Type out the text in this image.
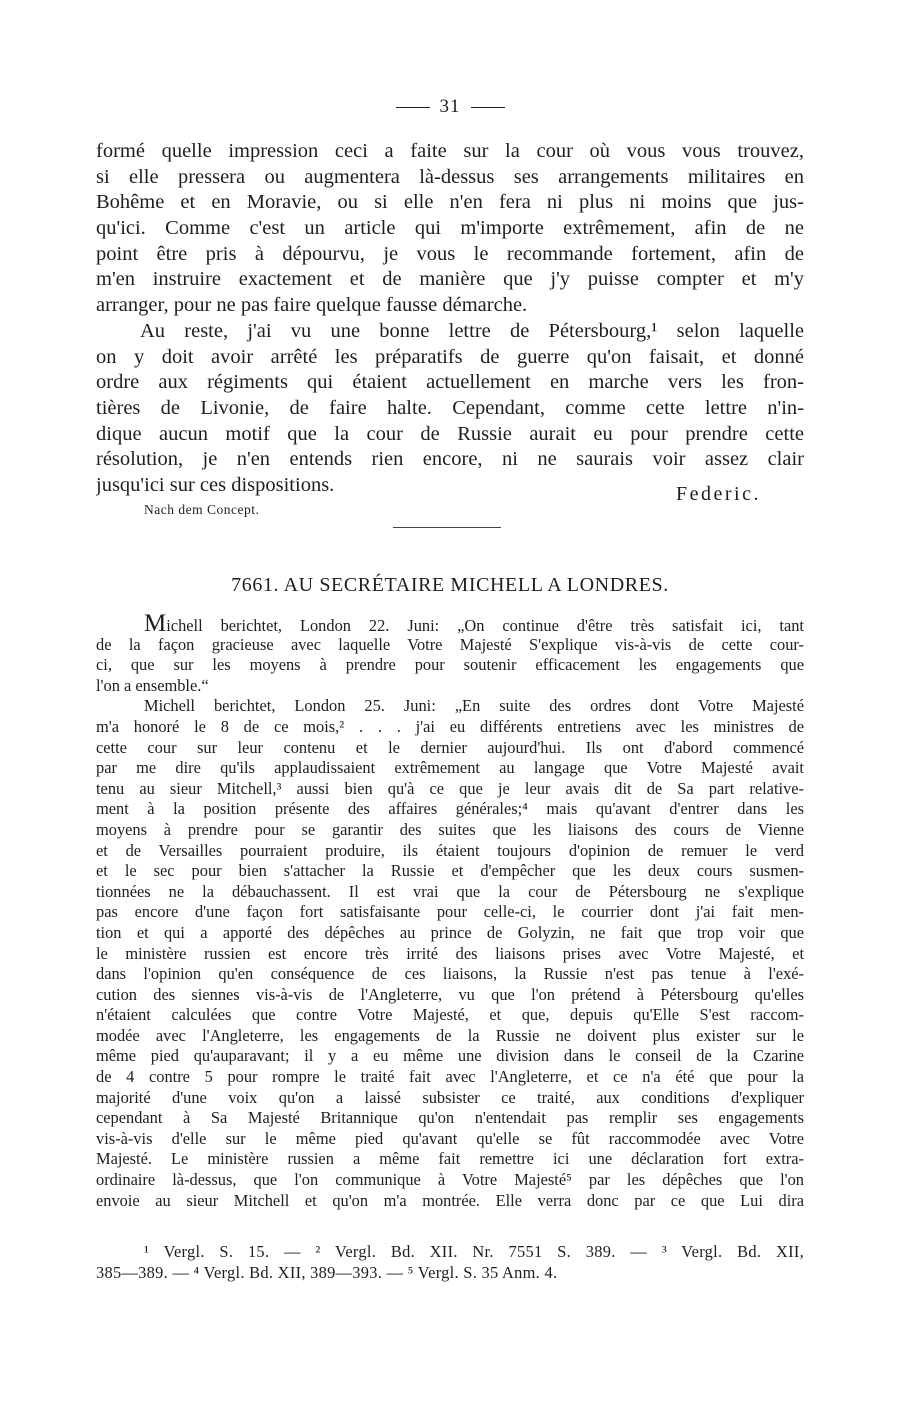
31
formé quelle impression ceci a faite sur la cour où vous vous trouvez,
si elle pressera ou augmentera là-dessus ses arrangements militaires en
Bohême et en Moravie, ou si elle n'en fera ni plus ni moins que jus-
qu'ici. Comme c'est un article qui m'importe extrêmement, afin de ne
point être pris à dépourvu, je vous le recommande fortement, afin de
m'en instruire exactement et de manière que j'y puisse compter et m'y
arranger, pour ne pas faire quelque fausse démarche.
Au reste, j'ai vu une bonne lettre de Pétersbourg,¹ selon laquelle
on y doit avoir arrêté les préparatifs de guerre qu'on faisait, et donné
ordre aux régiments qui étaient actuellement en marche vers les fron-
tières de Livonie, de faire halte. Cependant, comme cette lettre n'in-
dique aucun motif que la cour de Russie aurait eu pour prendre cette
résolution, je n'en entends rien encore, ni ne saurais voir assez clair
jusqu'ici sur ces dispositions.	Federic.
Nach dem Concept.
7661. AU SECRÉTAIRE MICHELL A LONDRES.
Michell berichtet, London 22. Juni: „On continue d'être très satisfait ici, tant
de la façon gracieuse avec laquelle Votre Majesté S'explique vis-à-vis de cette cour-
ci, que sur les moyens à prendre pour soutenir efficacement les engagements que
l'on a ensemble.“
Michell berichtet, London 25. Juni: „En suite des ordres dont Votre Majesté
m'a honoré le 8 de ce mois,² . . . j'ai eu différents entretiens avec les ministres de
cette cour sur leur contenu et le dernier aujourd'hui. Ils ont d'abord commencé
par me dire qu'ils applaudissaient extrêmement au langage que Votre Majesté avait
tenu au sieur Mitchell,³ aussi bien qu'à ce que je leur avais dit de Sa part relative-
ment à la position présente des affaires générales;⁴ mais qu'avant d'entrer dans les
moyens à prendre pour se garantir des suites que les liaisons des cours de Vienne
et de Versailles pourraient produire, ils étaient toujours d'opinion de remuer le verd
et le sec pour bien s'attacher la Russie et d'empêcher que les deux cours susmen-
tionnées ne la débauchassent. Il est vrai que la cour de Pétersbourg ne s'explique
pas encore d'une façon fort satisfaisante pour celle-ci, le courrier dont j'ai fait men-
tion et qui a apporté des dépêches au prince de Golyzin, ne fait que trop voir que
le ministère russien est encore très irrité des liaisons prises avec Votre Majesté, et
dans l'opinion qu'en conséquence de ces liaisons, la Russie n'est pas tenue à l'exé-
cution des siennes vis-à-vis de l'Angleterre, vu que l'on prétend à Pétersbourg qu'elles
n'étaient calculées que contre Votre Majesté, et que, depuis qu'Elle S'est raccom-
modée avec l'Angleterre, les engagements de la Russie ne doivent plus exister sur le
même pied qu'auparavant; il y a eu même une division dans le conseil de la Czarine
de 4 contre 5 pour rompre le traité fait avec l'Angleterre, et ce n'a été que pour la
majorité d'une voix qu'on a laissé subsister ce traité, aux conditions d'expliquer
cependant à Sa Majesté Britannique qu'on n'entendait pas remplir ses engagements
vis-à-vis d'elle sur le même pied qu'avant qu'elle se fût raccommodée avec Votre
Majesté. Le ministère russien a même fait remettre ici une déclaration fort extra-
ordinaire là-dessus, que l'on communique à Votre Majesté⁵ par les dépêches que l'on
envoie au sieur Mitchell et qu'on m'a montrée. Elle verra donc par ce que Lui dira
¹ Vergl. S. 15. — ² Vergl. Bd. XII. Nr. 7551 S. 389. — ³ Vergl. Bd. XII,
385—389. — ⁴ Vergl. Bd. XII, 389—393. — ⁵ Vergl. S. 35 Anm. 4.
